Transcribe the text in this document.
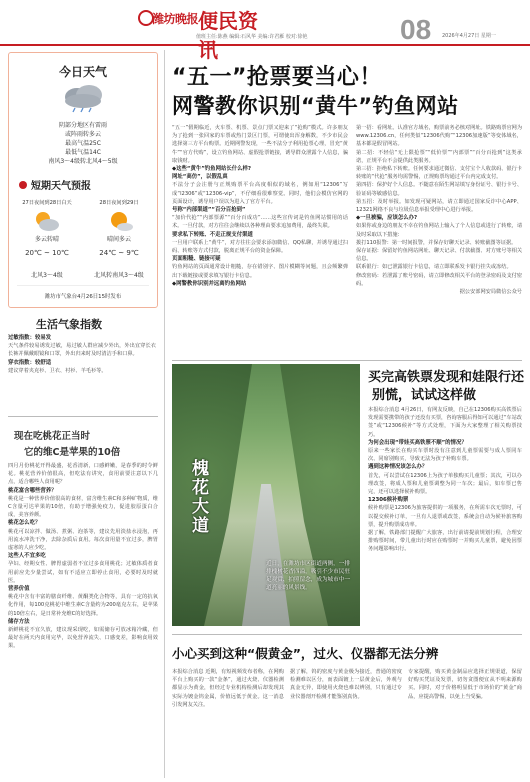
潍坊晚报 便民资讯
值班主任:陈燕 编辑:石风华 美编:许君雁 校对:徐艳	08 2026年4月27日 星期一
今日天气
阴部分地区有雷雨
或阵雨转多云
最高气温25C
最低气温14C
南风3～4级转北风4～5级
短期天气预报
27日夜间到28日白天
多云转晴
20℃ ~ 10℃
北风3～4级
28日夜间到29日
晴间多云
24℃ ~ 9℃
北风转南风3～4级
潍坊市气象台4月26日15时发布
生活气象指数
过敏指数：较易发
天气条件较易诱发过敏，易过敏人群应减少外出，外出宜穿长衣长裤并佩戴眼镜和口罩，外出归来时及时清洁手和口鼻。
穿衣指数：较舒适
建议穿着夹克衫、卫衣、衬衫、羊毛衫等。
现在吃桃花正当时
它的维C是苹果的10倍
四月月份桃花开得最盛，花香清新，口感鲜嫩，是春季的时令鲜花。桃花营养价值很高，但吃法有讲究，食用前要注意以下几点，适合哪些人食用呢？
桃花富含哪些营养？
桃花是一种营养价值很高的食材，富含维生素C和多种矿物质，维C含量可达苹果的10倍，有助于增强免疫力，促进胶原蛋白合成，美容养颜。
桃花怎么吃？
桃花可以凉拌、做汤、煮粥、泡茶等，建议先用淡盐水浸泡，再用流水冲洗干净，去除杂质后食用。每次食用量不宜过多，脾胃虚寒的人应少吃。
这些人不宜多吃
孕妇、经期女性、脾胃虚弱者不宜过多食用桃花；过敏体质者食用前应先少量尝试，如有不适应立即停止食用，必要时及时就医。
营养价值
桃花中含有丰富的膳食纤维、黄酮类化合物等，具有一定的抗氧化作用，每100克桃花中维生素C含量约为200毫克左右，是苹果的10倍左右，是日常补充维C的好选择。
储存方法
新鲜桃花不宜久放，建议现采现吃，如需储存可放冰箱冷藏，但最好在两天内食用完毕，以免营养流失、口感变差，影响食用效果。
“五一”抢票要当心！
网警教你识别“黄牛”钓鱼网站
“五一”假期临近，火车票、机票、景点门票又迎来了“抢购”模式。许多朋友为了抢到一张回家的车票或热门景区门票，可谓使出浑身解数，不少市民会选择第三方平台购票。近期网警发现，一些不法分子利用抢票心理，冒充“黄牛”“官方代购”，设立钓鱼网站、虚假抢票链接，诱导群众泄露个人信息，骗取钱财。
◆这些“黄牛”钓鱼网站长什么样?
网址“高仿”，以假乱真
不法分子会注册与正规购票平台高度相似的域名，例如用“12306”写成“l2306”或“12306-vip”，不仔细看很难察觉。同时，他们会模仿官网的页面设计，诱导用户误以为进入了官方平台。
号称“内部渠道”“百分百抢到”
“加价代抢”“内部票源”“百分百成功”……这些宣传词是钓鱼网站惯用的话术。一旦付款，对方往往会继续以各种理由要求追加费用，最终失联。
要求私下转账、不走正规支付渠道
一旦用户联系上“黄牛”，对方往往会要求添加微信、QQ私聊，并诱导通过扫码、转账等方式付款，脱离正规平台的资金保障。
页面粗糙、链接可疑
钓鱼网站的页面通常设计粗糙，存在错别字、图片模糊等问题，且会频繁弹出下载链接或要求填写银行卡信息。
◆网警教你识别并远离钓鱼网站
第一招：看网址。认准官方域名，购票前务必核对网址。铁路购票官网为www.12306.cn，任何类似“12306代购”“12306加速版”等变体域名，基本都是假冒网站。
第二招：不轻信“无上限抢票”“低价票”“内部票”“百分百抢到”这类承诺，正规平台不会提供此类服务。
第三招：拒绝私下转账。任何要求通过微信、支付宝个人收款码、银行卡转账的“代抢”服务均需警惕，正规购票均通过平台内完成支付。
第四招：保护好个人信息。不随意在陌生网站填写身份证号、银行卡号、验证码等敏感信息。
第五招：及时举报。如发现可疑网站，请立即通过国家反诈中心APP、12321网络不良与垃圾信息举报受理中心进行举报。
◆一旦被骗，应该怎么办?
如果你或身边的朋友不幸在钓鱼网站上输入了个人信息或进行了转账，请及时采取以下措施：
拨打110报警：第一时间报警，并保存好聊天记录、转账截图等证据。
保存证据：保留好钓鱼网站网址、聊天记录、付款截图、对方账号等相关信息。
联系银行：如已泄露银行卡信息，请立即联系发卡银行挂失或冻结。
修改密码：若泄露了账号密码，请立即修改相关平台的登录密码及支付密码。
据公安部网安局微信公众号
槐花大道
近日，在潍坊市区街道两侧，一排排槐树花香四溢，吸引不少市民驻足观赏、拍照留念，成为城市中一道亮丽的风景线。
买完高铁票发现和娃限行还
别慌，试试这样做
本报综合消息 4月26日，有网友反映，自己在12306购买高铁票后发现需要携带的孩子还没有买票，咨询客服后得知可以通过“车站改签”或“12306候补”等方式处理，下面为大家整理了相关购票技巧。
为何会出现“带娃买高铁票不顺”的情况？
原来一些家长在购买车票时没有注意到儿童票需要与成人票同车次、同席别购买，导致无法为孩子补购车票。
遇到这种情况该怎么办？
首先，可以尝试在12306上为孩子单独购买儿童票；其次，可以办理改签，将成人票和儿童票调整为同一车次；最后，如车票已售完，还可以选择候补购票。
12306候补购票
候补购票是12306为旅客提供的一项服务，在所需车次无票时，可以提交候补订单，一旦有人退票或改签，系统会自动为候补旅客购票，提升购票成功率。
据了解，铁路部门提醒广大旅客，出行前请提前规划行程，合理安排购票时间，带儿童出行时应在购票时一并购买儿童票，避免因票务问题影响出行。
小心买到这种“假黄金”，过火、仪器都无法分辨
本报综合消息 近期，有短视频发布者称，在网购平台上购买的一款“金条”，通过火烧、仪器检测都显示为黄金，但经过专业机构检测后却发现其实际为镀金钨金属，价值远低于黄金。这一消息引发网友关注。
据了解，钨的密度与黄金极为接近，普通的密度检测难以区分，而表面镀上一层黄金后，外观与真金无异，即使用火烧也难以辨别，只有通过专业仪器剖开检测才能鉴别真伪。
专家提醒，购买黄金制品应选择正规渠道，保留好购买凭证及发票，切勿贪图便宜从不明来源购买。同时，对于价格明显低于市场价的“黄金”商品，应提高警惕，以免上当受骗。
